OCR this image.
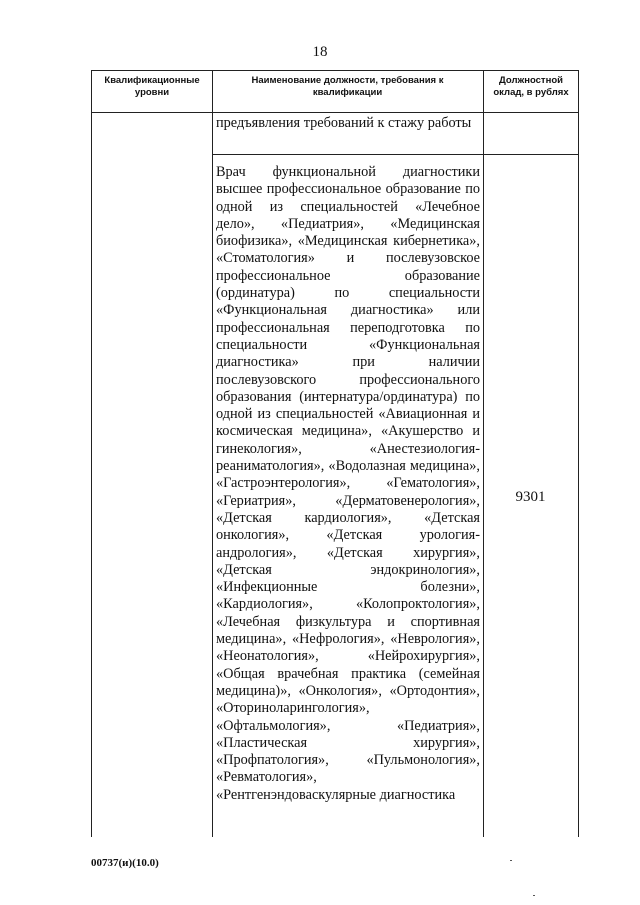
18
Квалификационные уровни
Наименование должности, требования к квалификации
Должностной оклад, в рублях
предъявления требований к стажу работы
Врач функциональной диагностики высшее профессиональное образование по одной из специальностей «Лечебное дело», «Педиатрия», «Медицинская биофизика», «Медицинская кибернетика», «Стоматология» и послевузовское профессиональное образование (ординатура) по специальности «Функциональная диагностика» или профессиональная переподготовка по специальности «Функциональная диагностика» при наличии послевузовского профессионального образования (интернатура/ординатура) по одной из специальностей «Авиационная и космическая медицина», «Акушерство и гинекология», «Анестезиология-реаниматология», «Водолазная медицина», «Гастроэнтерология», «Гематология», «Гериатрия», «Дерматовенерология», «Детская кардиология», «Детская онкология», «Детская урология-андрология», «Детская хирургия», «Детская эндокринология», «Инфекционные болезни», «Кардиология», «Колопроктология», «Лечебная физкультура и спортивная медицина», «Нефрология», «Неврология», «Неонатология», «Нейрохирургия», «Общая врачебная практика (семейная медицина)», «Онкология», «Ортодонтия», «Оториноларингология», «Офтальмология», «Педиатрия», «Пластическая хирургия», «Профпатология», «Пульмонология», «Ревматология», «Рентгенэндоваскулярные диагностика
9301
00737(и)(10.0)
